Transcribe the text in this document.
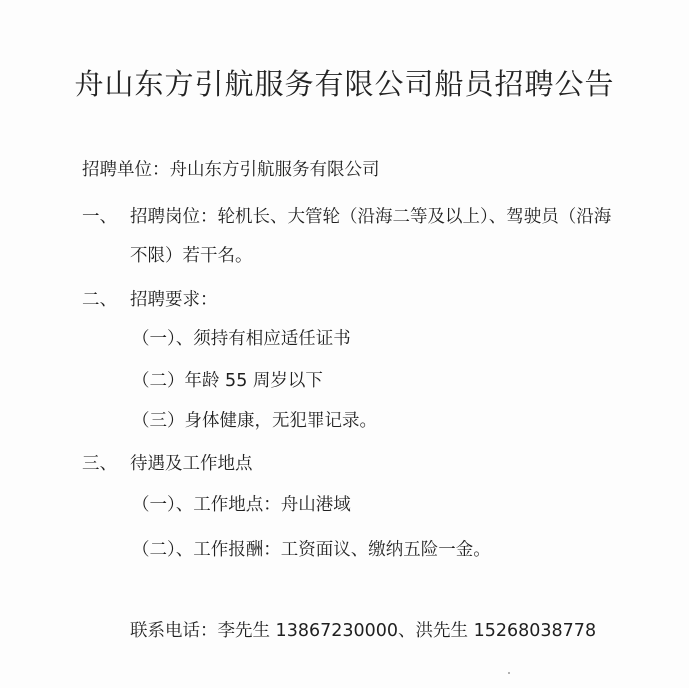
舟山东方引航服务有限公司船员招聘公告
招聘单位：舟山东方引航服务有限公司
一、 招聘岗位：轮机长、大管轮（沿海二等及以上）、驾驶员（沿海
不限）若干名。
二、 招聘要求：
（一）、须持有相应适任证书
（二）年龄 55 周岁以下
（三）身体健康，无犯罪记录。
三、 待遇及工作地点
（一）、工作地点：舟山港域
（二）、工作报酬：工资面议、缴纳五险一金。
联系电话：李先生 13867230000、洪先生 15268038778
